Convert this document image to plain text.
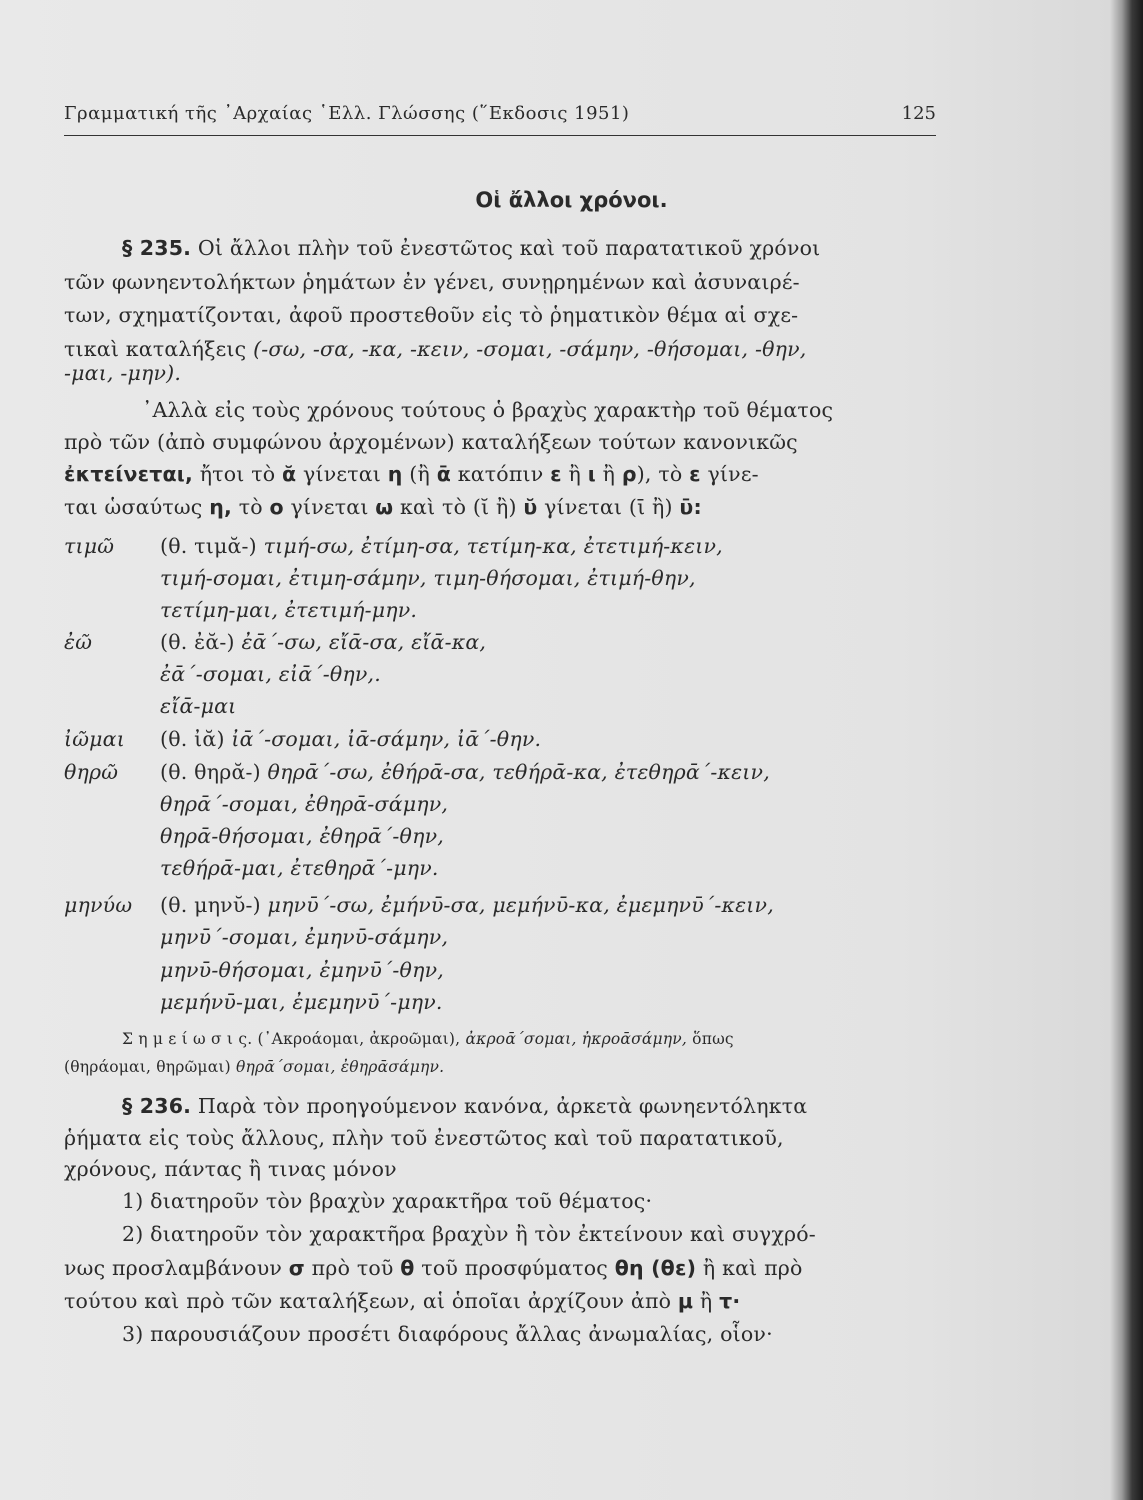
Γραμματική τῆς ᾿Αρχαίας ῾Ελλ. Γλώσσης (῞Εκδοσις 1951)	125
Οἱ ἄλλοι χρόνοι.
§ 235. Οἱ ἄλλοι πλὴν τοῦ ἐνεστῶτος καὶ τοῦ παρατατικοῦ χρόνοι
τῶν φωνηεντολήκτων ῥημάτων ἐν γένει, συνῃρημένων καὶ ἀσυναιρέ-
των, σχηματίζονται, ἀφοῦ προστεθοῦν εἰς τὸ ῥηματικὸν θέμα αἱ σχε-
τικαὶ καταλήξεις (-σω, -σα, -κα, -κειν, -σομαι, -σάμην, -θήσομαι, -θην,
-μαι, -μην).
᾿Αλλὰ εἰς τοὺς χρόνους τούτους ὁ βραχὺς χαρακτὴρ τοῦ θέματος
πρὸ τῶν (ἀπὸ συμφώνου ἀρχομένων) καταλήξεων τούτων κανονικῶς
ἐκτείνεται, ἤτοι τὸ ᾰ γίνεται η (ἢ ᾱ κατόπιν ε ἢ ι ἢ ρ), τὸ ε γίνε-
ται ὡσαύτως η, τὸ ο γίνεται ω καὶ τὸ (ῐ ἢ) ῠ γίνεται (ῑ ἢ) ῡ:
τιμῶ (θ. τιμᾰ-) τιμή-σω, ἐτίμη-σα, τετίμη-κα, ἐτετιμή-κειν,
τιμή-σομαι, ἐτιμη-σάμην, τιμη-θήσομαι, ἐτιμή-θην,
τετίμη-μαι, ἐτετιμή-μην.
ἐῶ	(θ. ἐᾰ-) ἐᾱ΄-σω, εἴᾱ-σα, εἴᾱ-κα,
ἐᾱ΄-σομαι, εἰᾱ΄-θην,.
εἴᾱ-μαι
ἰῶμαι (θ. ἰᾰ) ἰᾱ΄-σομαι, ἰᾱ-σάμην, ἰᾱ΄-θην.
θηρῶ (θ. θηρᾰ-) θηρᾱ΄-σω, ἐθήρᾱ-σα, τεθήρᾱ-κα, ἐτεθηρᾱ΄-κειν,
θηρᾱ΄-σομαι, ἐθηρᾱ-σάμην,
θηρᾱ-θήσομαι, ἐθηρᾱ΄-θην,
τεθήρᾱ-μαι, ἐτεθηρᾱ΄-μην.
μηνύω (θ. μηνῠ-) μηνῡ΄-σω, ἐμήνῡ-σα, μεμήνῡ-κα, ἐμεμηνῡ΄-κειν,
μηνῡ΄-σομαι, ἐμηνῡ-σάμην,
μηνῡ-θήσομαι, ἐμηνῡ΄-θην,
μεμήνῡ-μαι, ἐμεμηνῡ΄-μην.
Σ η μ ε ί ω σ ι ς. (᾿Ακροάομαι, ἀκροῶμαι), ἀκροᾱ΄σομαι, ἠκροᾱσάμην, ὅπως
(θηράομαι, θηρῶμαι) θηρᾱ΄σομαι, ἐθηρᾱσάμην.
§ 236. Παρὰ τὸν προηγούμενον κανόνα, ἀρκετὰ φωνηεντόληκτα
ῥήματα εἰς τοὺς ἄλλους, πλὴν τοῦ ἐνεστῶτος καὶ τοῦ παρατατικοῦ,
χρόνους, πάντας ἢ τινας μόνον
1) διατηροῦν τὸν βραχὺν χαρακτῆρα τοῦ θέματος·
2) διατηροῦν τὸν χαρακτῆρα βραχὺν ἢ τὸν ἐκτείνουν καὶ συγχρό-
νως προσλαμβάνουν σ πρὸ τοῦ θ τοῦ προσφύματος θη (θε) ἢ καὶ πρὸ
τούτου καὶ πρὸ τῶν καταλήξεων, αἱ ὁποῖαι ἀρχίζουν ἀπὸ μ ἢ τ·
3) παρουσιάζουν προσέτι διαφόρους ἄλλας ἀνωμαλίας, οἷον·
